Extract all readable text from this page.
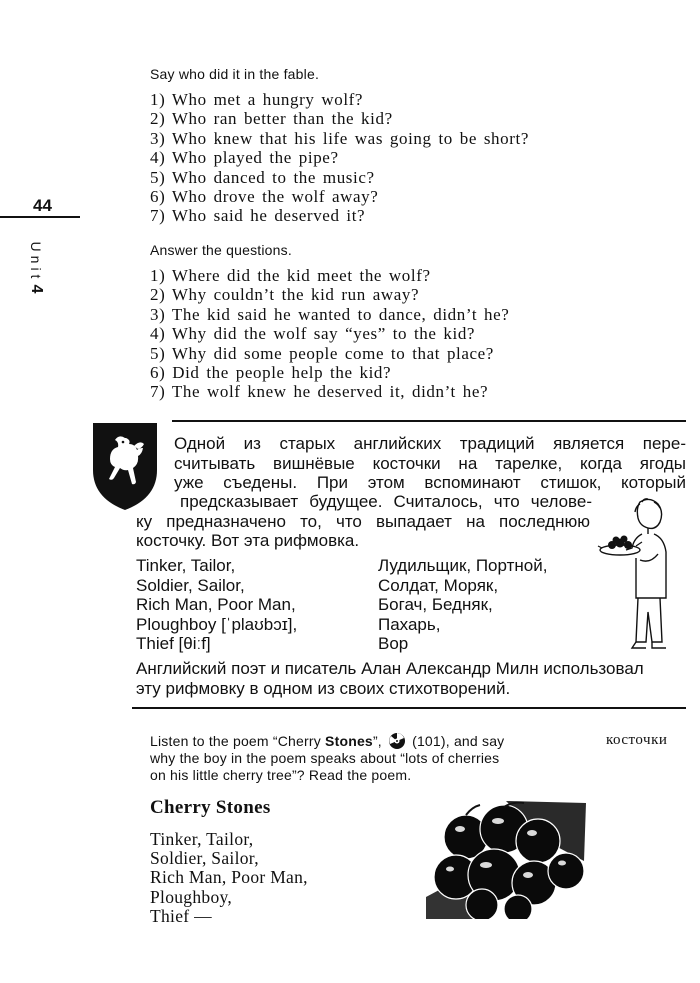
44
Unit
4
Say who did it in the fable.
1) Who met a hungry wolf?
2) Who ran better than the kid?
3) Who knew that his life was going to be short?
4) Who played the pipe?
5) Who danced to the music?
6) Who drove the wolf away?
7) Who said he deserved it?
Answer the questions.
1) Where did the kid meet the wolf?
2) Why couldn’t the kid run away?
3) The kid said he wanted to dance, didn’t he?
4) Why did the wolf say “yes” to the kid?
5) Why did some people come to that place?
6) Did the people help the kid?
7) The wolf knew he deserved it, didn’t he?
Одной из старых английских традиций является пере-
считывать вишнёвые косточки на тарелке, когда ягоды
уже съедены. При этом вспоминают стишок, который
предсказывает будущее. Считалось, что челове-
ку предназначено то, что выпадает на последнюю
косточку. Вот эта рифмовка.
Tinker, Tailor,
Soldier, Sailor,
Rich Man, Poor Man,
Ploughboy [ˈplaʊbɔɪ],
Thief [θiːf]
Лудильщик, Портной,
Солдат, Моряк,
Богач, Бедняк,
Пахарь,
Вор
Английский поэт и писатель Алан Александр Милн использовал
эту рифмовку в одном из своих стихотворений.
Listen to the poem “Cherry Stones”, (101), and say
why the boy in the poem speaks about “lots of cherries
on his little cherry tree”? Read the poem.
косточки
Cherry Stones
Tinker, Tailor,
Soldier, Sailor,
Rich Man, Poor Man,
Ploughboy,
Thief —
